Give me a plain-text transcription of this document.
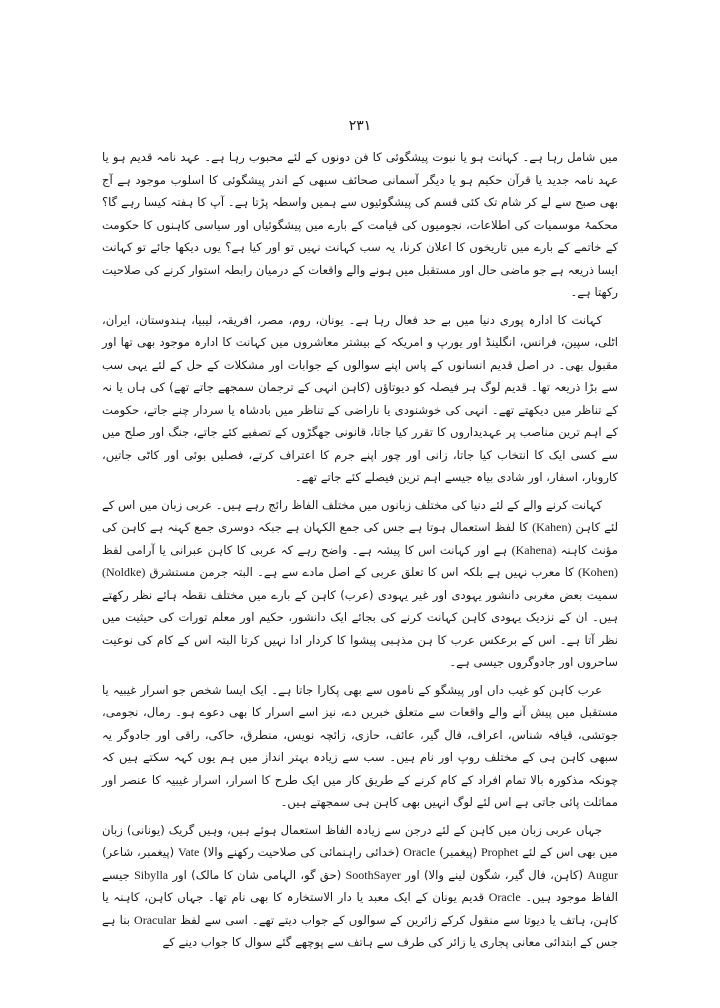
۲۳۱

میں شامل رہا ہے۔ کہانت ہو یا نبوت پیشگوئی کا فن دونوں کے لئے محبوب رہا ہے۔ عہد نامہ قدیم ہو یا عہد نامہ جدید یا قرآن حکیم ہو یا دیگر آسمانی صحائف سبھی کے اندر پیشگوئی کا اسلوب موجود ہے آج بھی صبح سے لے کر شام تک کئی قسم کی پیشگوئیوں سے ہمیں واسطہ پڑتا ہے۔ آپ کا ہفتہ کیسا رہے گا؟ محکمۂ موسمیات کی اطلاعات، نجومیوں کی قیامت کے بارے میں پیشگوئیاں اور سیاسی کاہنوں کا حکومت کے خاتمے کے بارے میں تاریخوں کا اعلان کرنا، یہ سب کہانت نہیں تو اور کیا ہے؟ یوں دیکھا جائے تو کہانت ایسا ذریعہ ہے جو ماضی حال اور مستقبل میں ہونے والے واقعات کے درمیان رابطہ استوار کرنے کی صلاحیت رکھتا ہے۔

کہانت کا ادارہ پوری دنیا میں بے حد فعال رہا ہے۔ یونان، روم، مصر، افریقہ، لیبیا، ہندوستان، ایران، اٹلی، سپین، فرانس، انگلینڈ اور یورپ و امریکہ کے بیشتر معاشروں میں کہانت کا ادارہ موجود بھی تھا اور مقبول بھی۔ در اصل قدیم انسانوں کے پاس اپنے سوالوں کے جوابات اور مشکلات کے حل کے لئے یہی سب سے بڑا ذریعہ تھا۔ قدیم لوگ ہر فیصلہ کو دیوتاؤں (کاہن انہی کے ترجمان سمجھے جاتے تھے) کی ہاں یا نہ کے تناظر میں دیکھتے تھے۔ انہی کی خوشنودی یا ناراضی کے تناظر میں بادشاہ یا سردار چنے جاتے، حکومت کے اہم ترین مناصب پر عہدیداروں کا تقرر کیا جاتا، قانونی جھگڑوں کے تصفیے کئے جاتے، جنگ اور صلح میں سے کسی ایک کا انتخاب کیا جاتا، زانی اور چور اپنے جرم کا اعتراف کرتے، فصلیں بوئی اور کاٹی جاتیں، کاروبار، اسفار، اور شادی بیاہ جیسے اہم ترین فیصلے کئے جاتے تھے۔

کہانت کرنے والے کے لئے دنیا کی مختلف زبانوں میں مختلف الفاظ رائج رہے ہیں۔ عربی زبان میں اس کے لئے کاہن (Kahen) کا لفظ استعمال ہوتا ہے جس کی جمع الکہان ہے جبکہ دوسری جمع کہنہ ہے کاہن کی مؤنث کاہنہ (Kahena) ہے اور کہانت اس کا پیشہ ہے۔ واضح رہے کہ عربی کا کاہن عبرانی یا آرامی لفظ (Kohen) کا معرب نہیں ہے بلکہ اس کا تعلق عربی کے اصل مادے سے ہے۔ البتہ جرمن مستشرق (Noldke) سمیت بعض مغربی دانشور یہودی اور غیر یہودی (عرب) کاہن کے بارے میں مختلف نقطہ ہائے نظر رکھتے ہیں۔ ان کے نزدیک یہودی کاہن کہانت کرنے کی بجائے ایک دانشور، حکیم اور معلم تورات کی حیثیت میں نظر آتا ہے۔ اس کے برعکس عرب کا ہن مذہبی پیشوا کا کردار ادا نہیں کرتا البتہ اس کے کام کی نوعیت ساحروں اور جادوگروں جیسی ہے۔

عرب کاہن کو غیب داں اور پیشگو کے ناموں سے بھی پکارا جاتا ہے۔ ایک ایسا شخص جو اسرار غیبیہ یا مستقبل میں پیش آنے والے واقعات سے متعلق خبریں دے، نیز اسے اسرار کا بھی دعوے ہو۔ رمال، نجومی، جوتشی، قیافہ شناس، اعراف، فال گیر، عائف، حازی، زائچہ نویس، منطرق، حاکی، راقی اور جادوگر یہ سبھی کاہن ہی کے مختلف روپ اور نام ہیں۔ سب سے زیادہ بہتر انداز میں ہم یوں کہہ سکتے ہیں کہ چونکہ مذکورہ بالا تمام افراد کے کام کرنے کے طریق کار میں ایک طرح کا اسرار، اسرار غیبیہ کا عنصر اور مماثلت پائی جاتی ہے اس لئے لوگ انہیں بھی کاہن ہی سمجھتے ہیں۔

جہاں عربی زبان میں کاہن کے لئے درجن سے زیادہ الفاظ استعمال ہوئے ہیں، وہیں گریک (یونانی) زبان میں بھی اس کے لئے Prophet (پیغمبر) Oracle (خدائی راہنمائی کی صلاحیت رکھنے والا) Vate (پیغمبر، شاعر) Augur (کاہن، فال گیر، شگون لینے والا) اور SoothSayer (حق گو، الہامی شان کا مالک) اور Sibylla جیسے الفاظ موجود ہیں۔ Oracle قدیم یونان کے ایک معبد یا دار الاستخارہ کا بھی نام تھا۔ جہاں کاہن، کاہنہ یا کاہن، ہاتف یا دیوتا سے منقول کرکے زائرین کے سوالوں کے جواب دیتے تھے۔ اسی سے لفظ Oracular بنا ہے جس کے ابتدائی معانی پجاری یا زائر کی طرف سے ہاتف سے پوچھے گئے سوال کا جواب دینے کے
